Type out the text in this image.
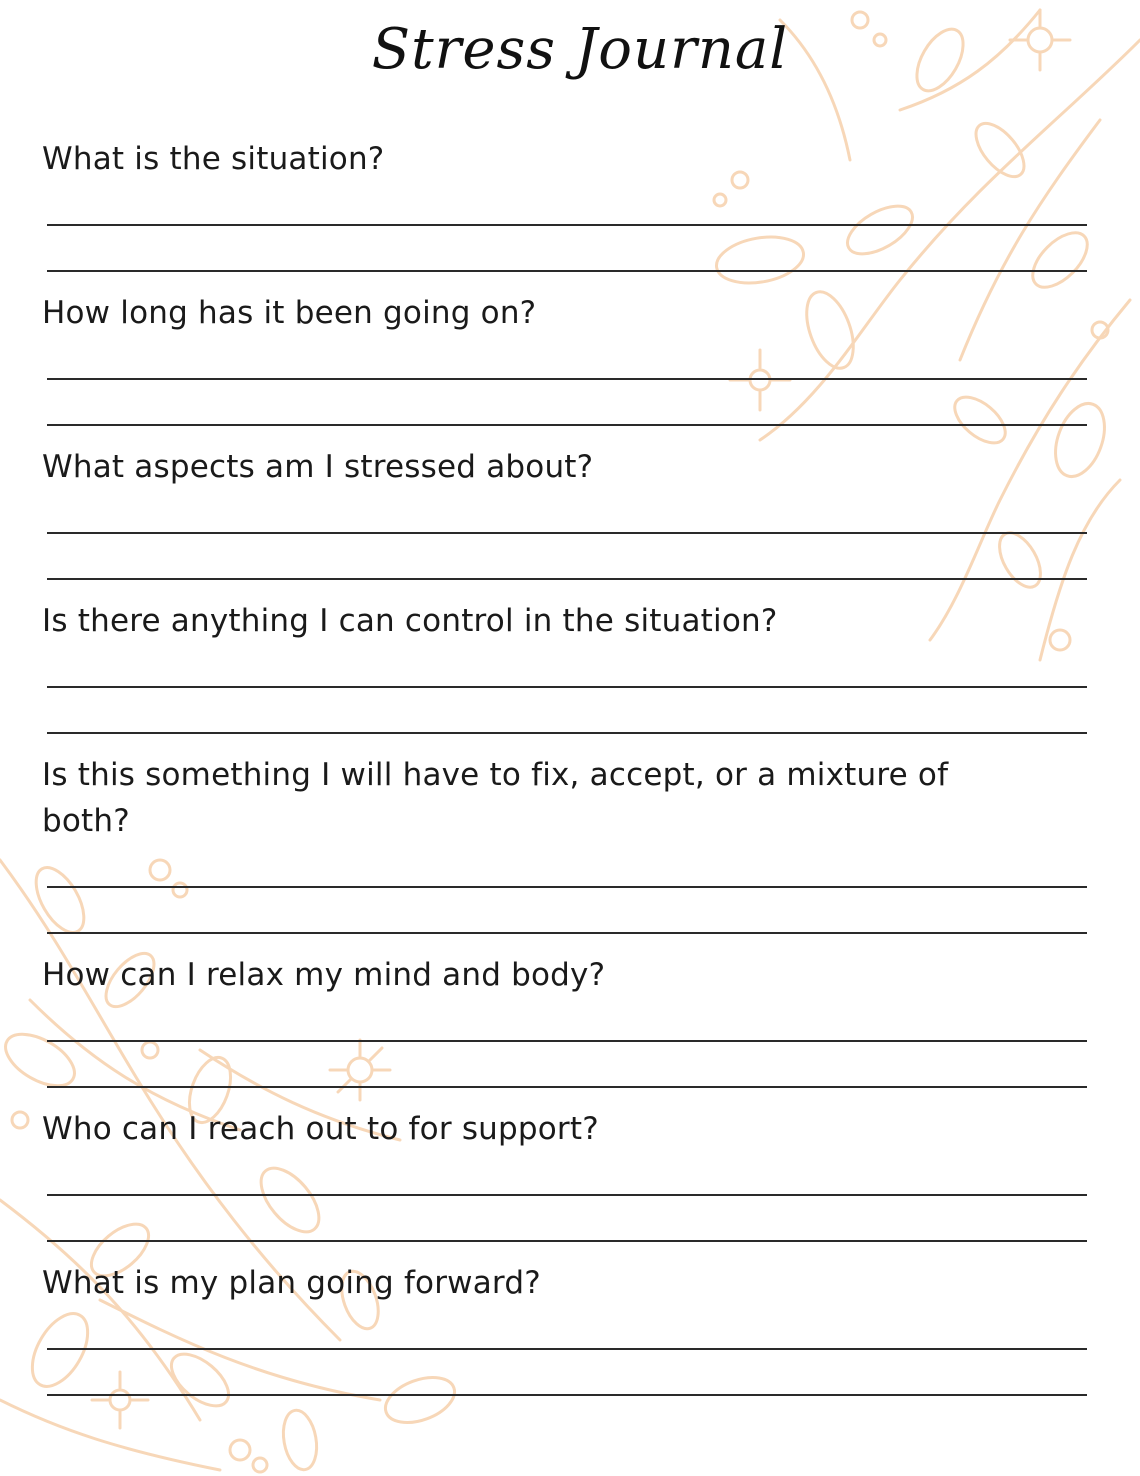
Stress Journal
What is the situation?
How long has it been going on?
What aspects am I stressed about?
Is there anything I can control in the situation?
Is this something I will have to fix, accept, or a mixture of both?
How can I relax my mind and body?
Who can I reach out to for support?
What is my plan going forward?
